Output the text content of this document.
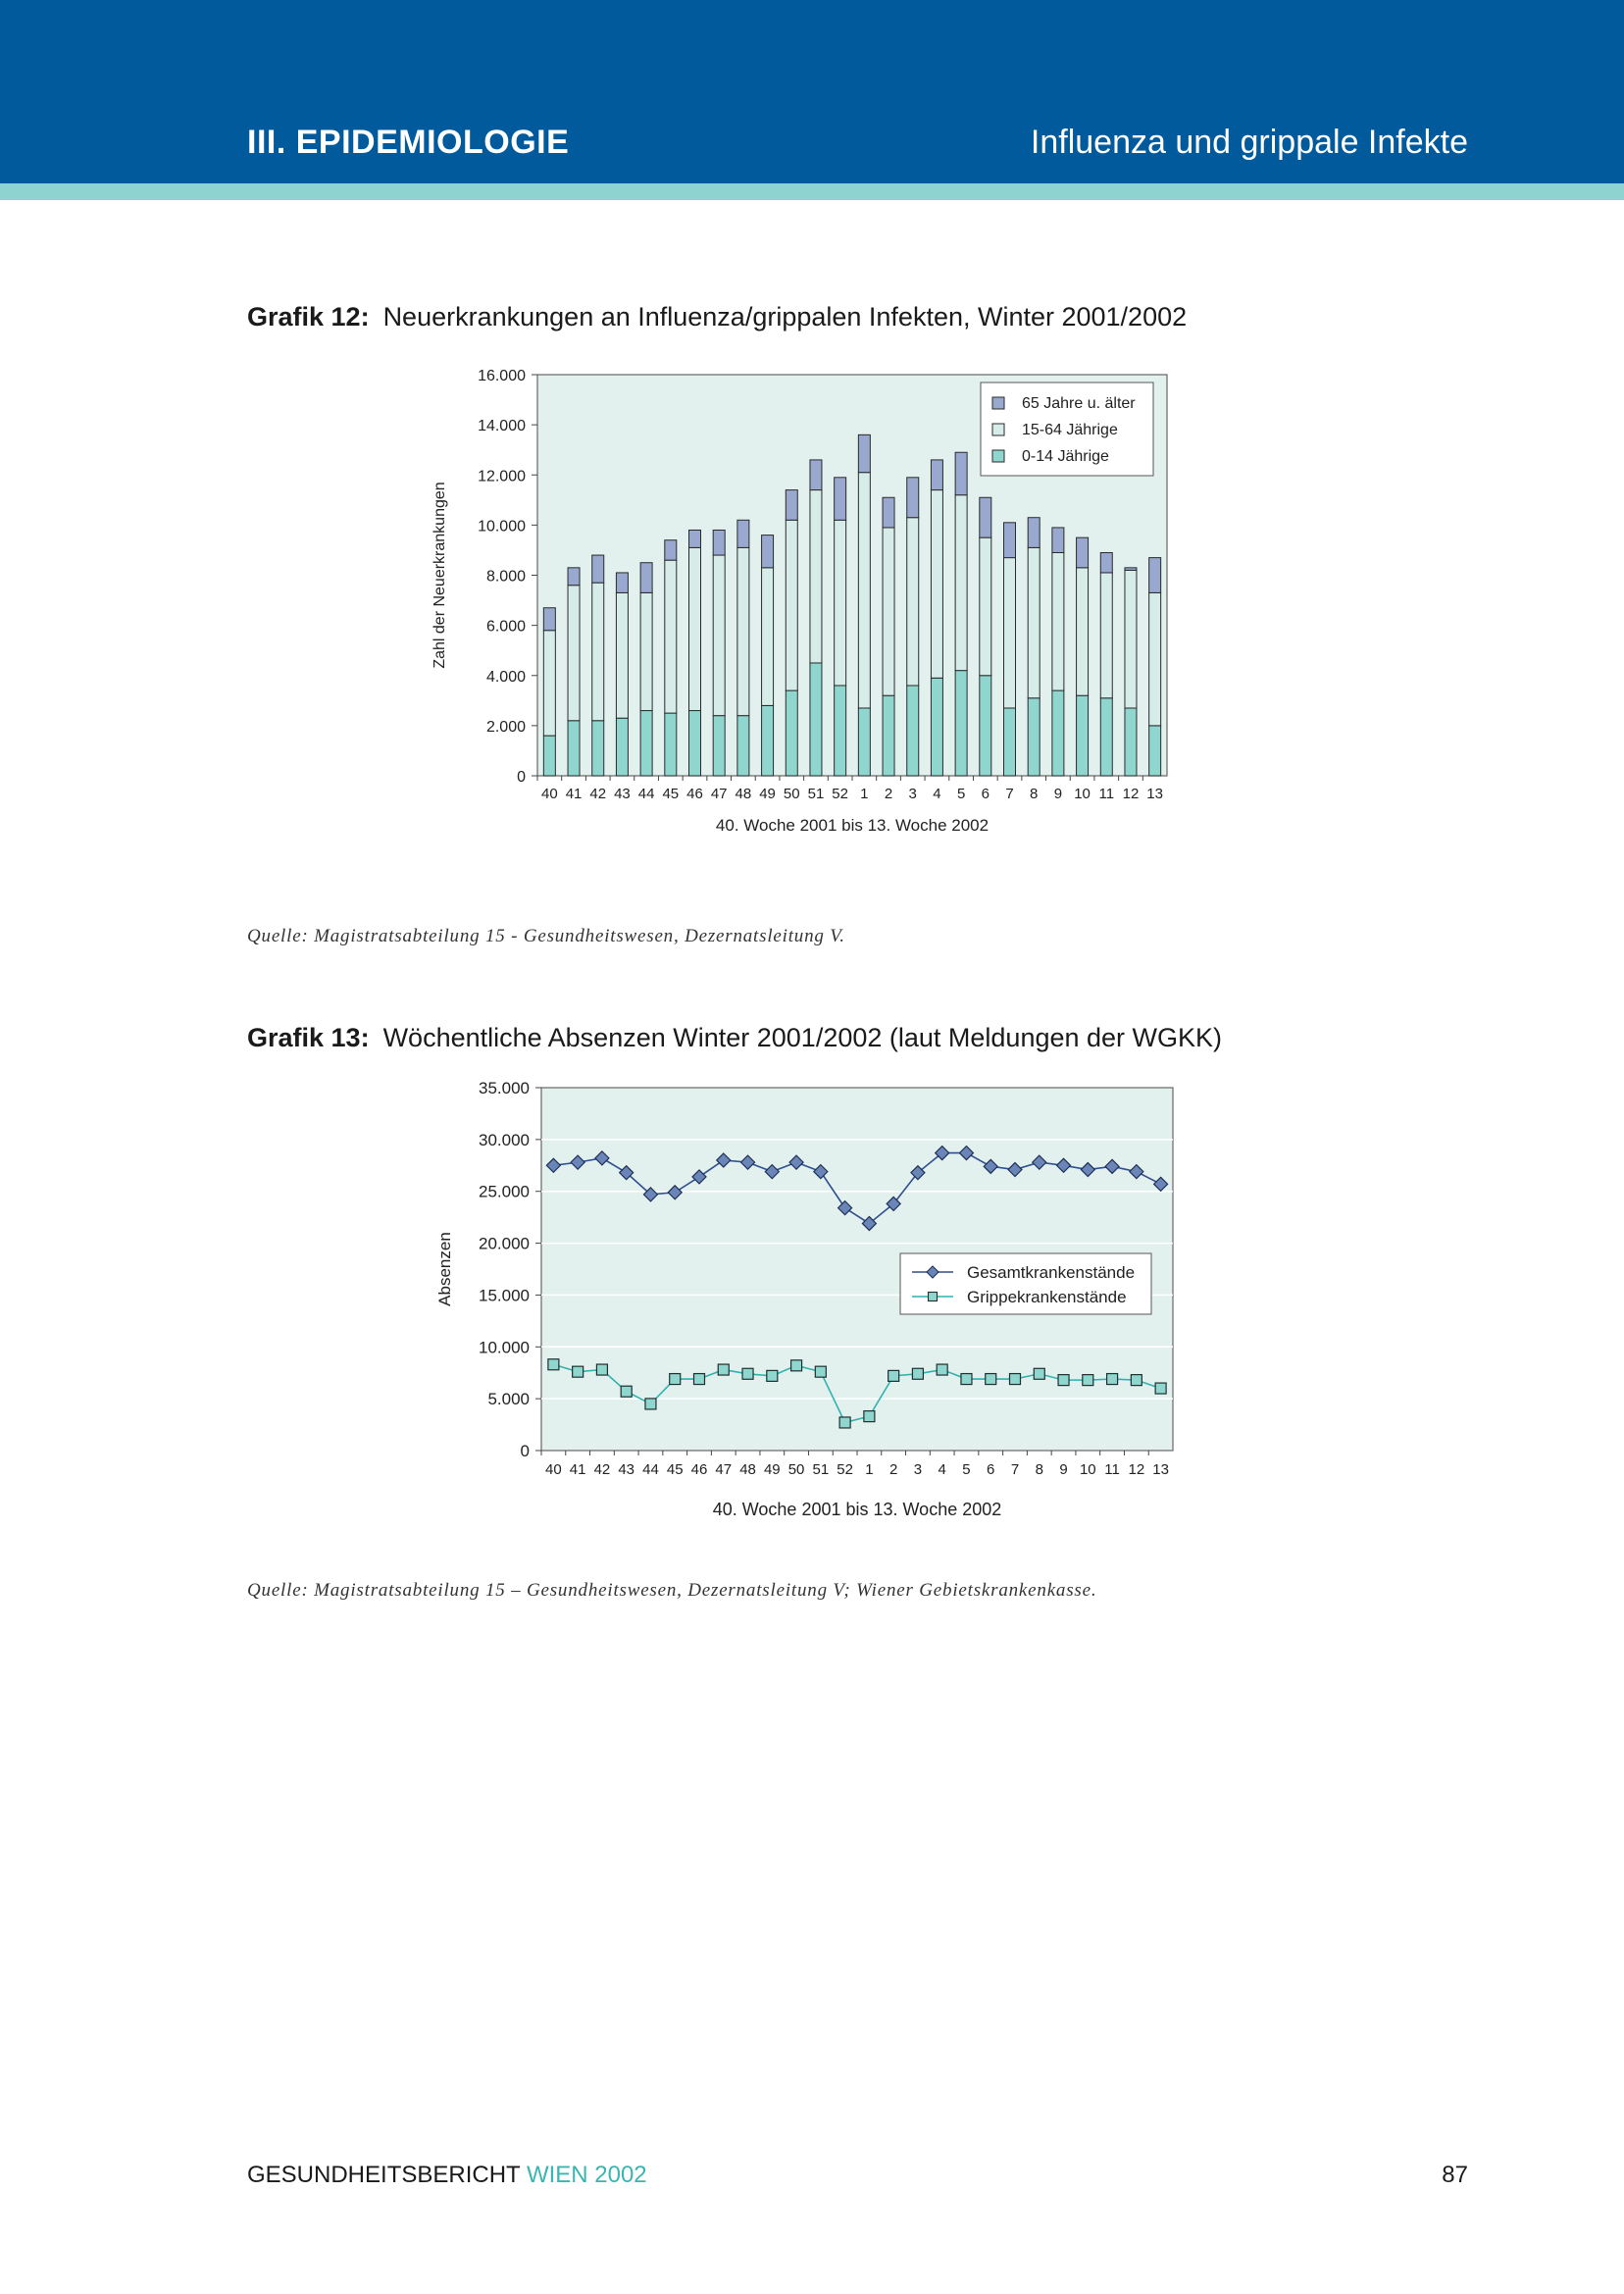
III. EPIDEMIOLOGIE	Influenza und grippale Infekte
Grafik 12: Neuerkrankungen an Influenza/grippalen Infekten, Winter 2001/2002
0
2.000
4.000
6.000
8.000
10.000
12.000
14.000
16.000
Zahl der Neuerkrankungen
40 41 42 43 44 45 46 47 48 49 50 51 52 1 2 3 4 5 6 7 8 9 10 11 12 13
40. Woche 2001 bis 13. Woche 2002
65 Jahre u. älter
15-64 Jährige
0-14 Jährige
Quelle: Magistratsabteilung 15 - Gesundheitswesen, Dezernatsleitung V.
Grafik 13: Wöchentliche Absenzen Winter 2001/2002 (laut Meldungen der WGKK)
0
5.000
10.000
15.000
20.000
25.000
30.000
35.000
Absenzen
40 41 42 43 44 45 46 47 48 49 50 51 52 1 2 3 4 5 6 7 8 9 10 11 12 13
40. Woche 2001 bis 13. Woche 2002
Gesamtkrankenstände
Grippekrankenstände
Quelle: Magistratsabteilung 15 – Gesundheitswesen, Dezernatsleitung V; Wiener Gebietskrankenkasse.
GESUNDHEITSBERICHT WIEN 2002	87
